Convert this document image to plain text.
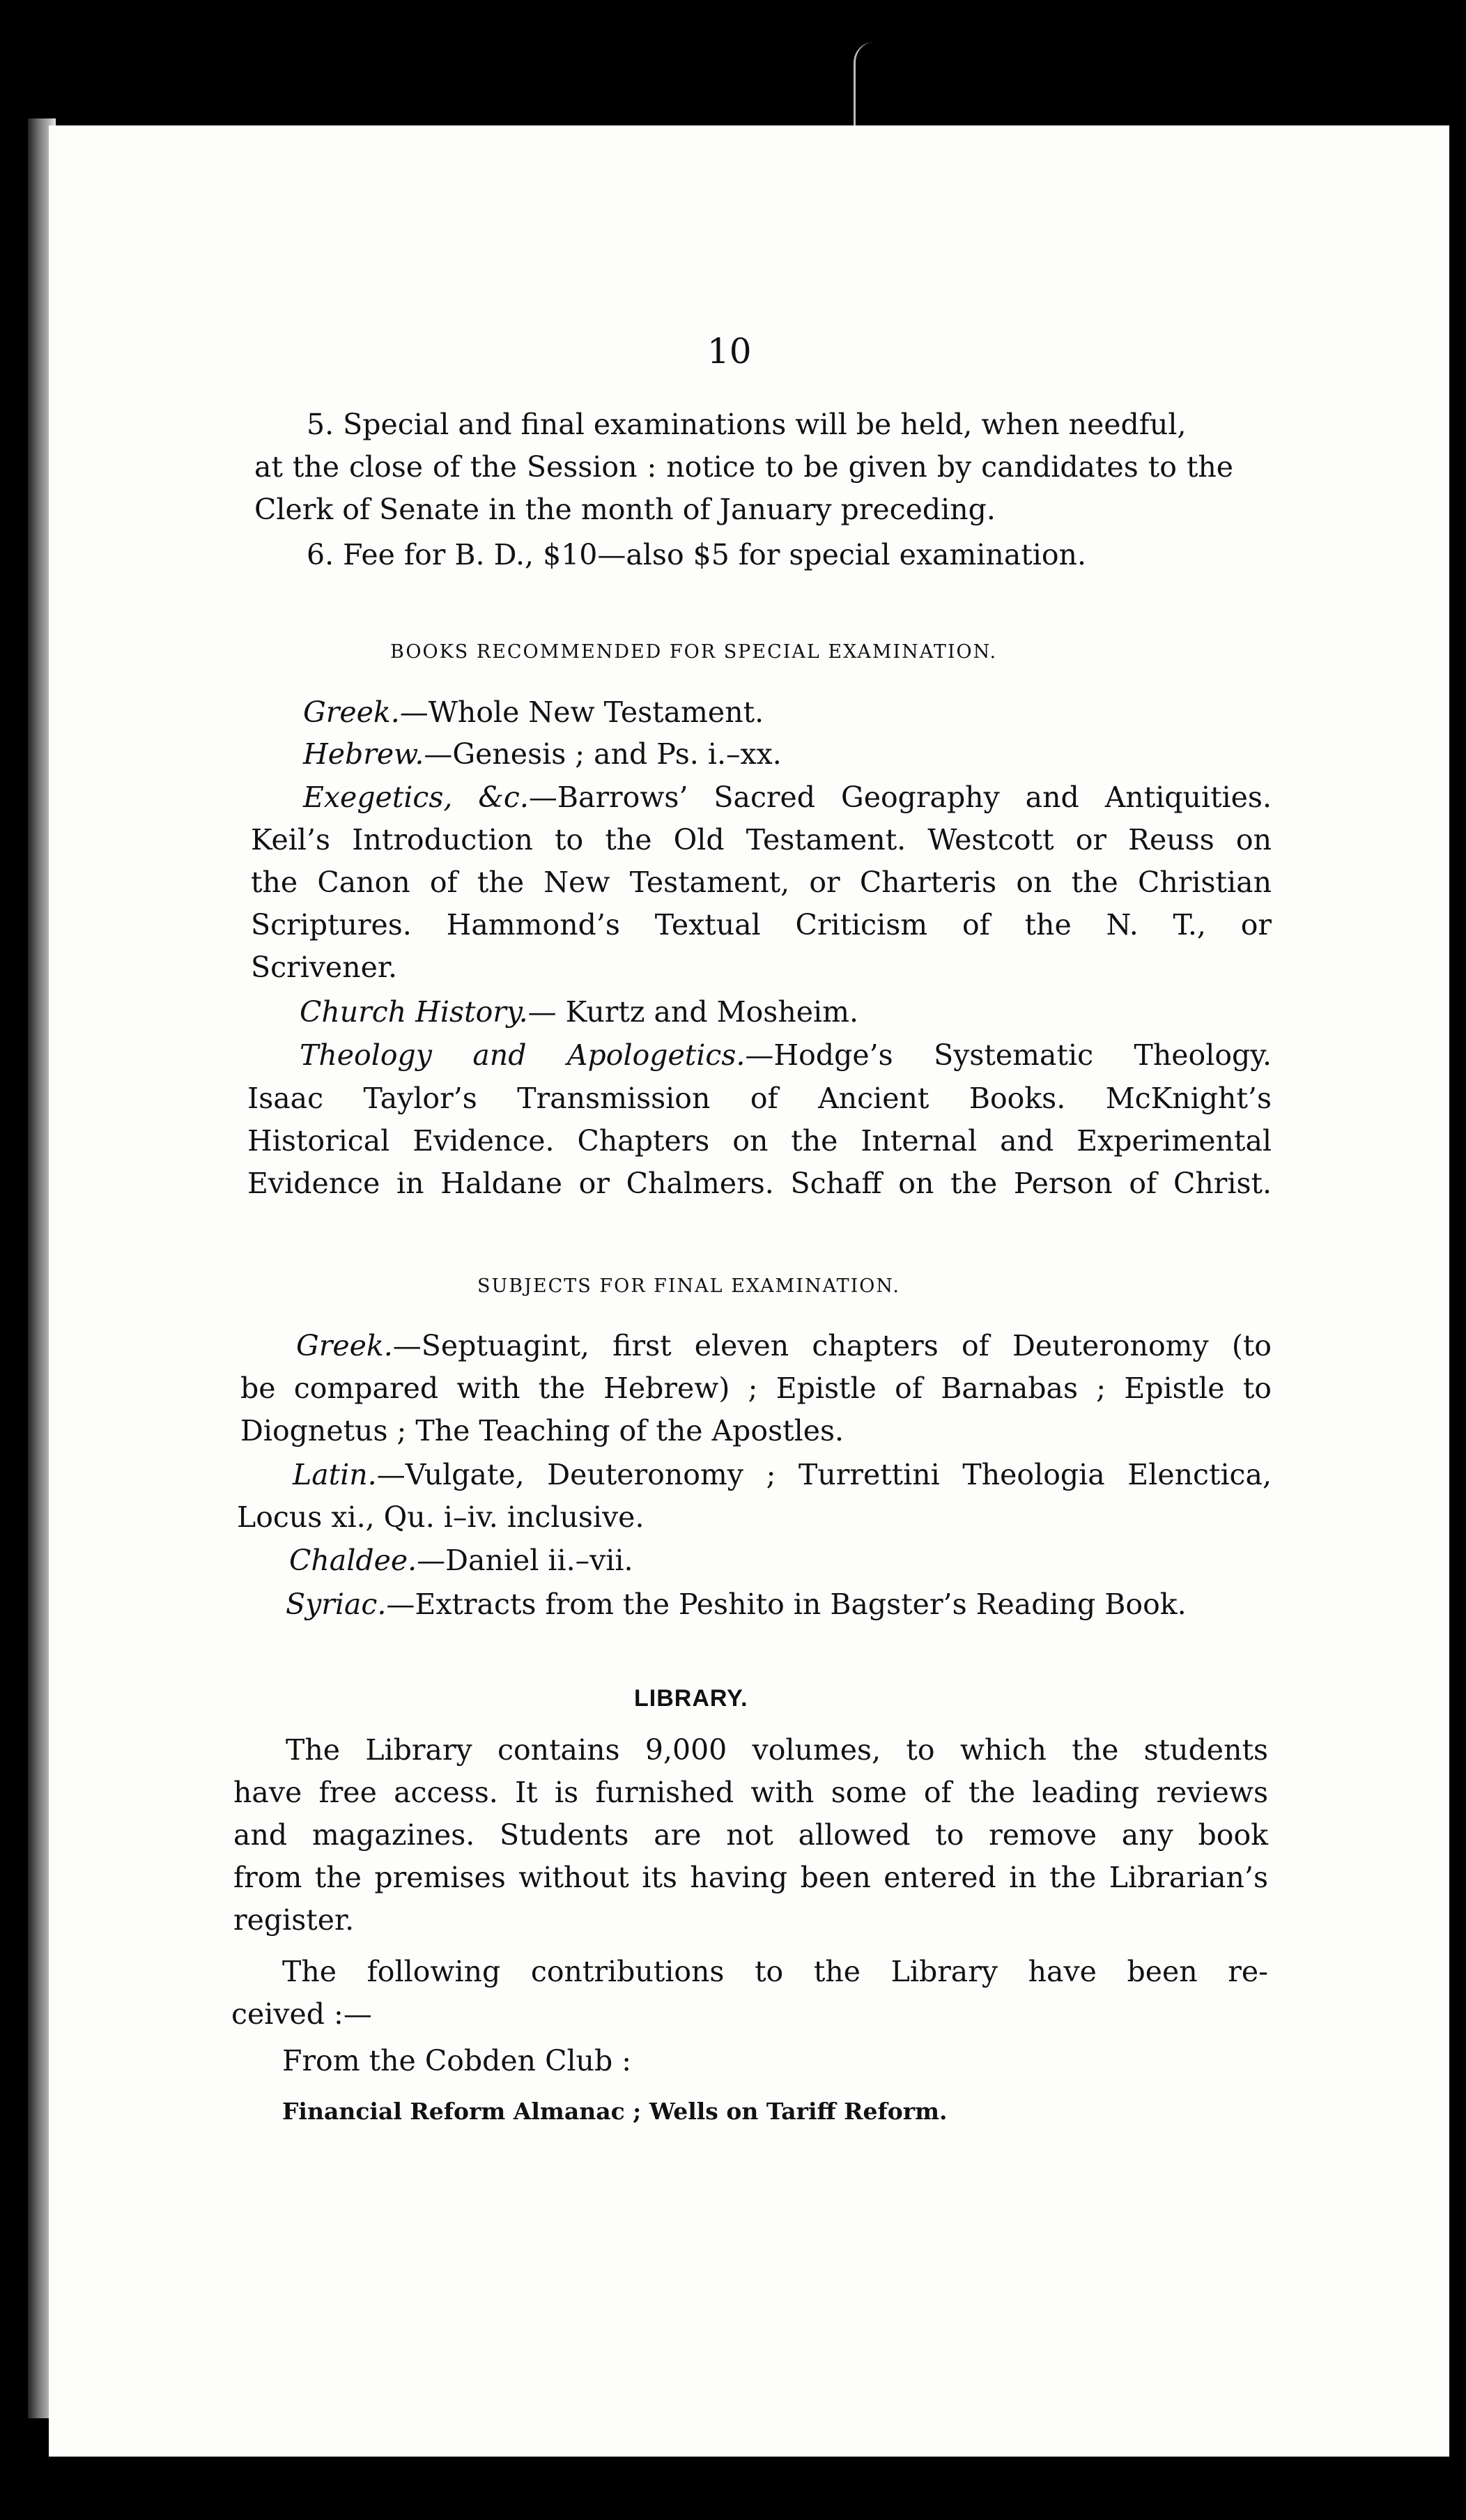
10
5. Special and final examinations will be held, when needful,
at the close of the Session : notice to be given by candidates to the
Clerk of Senate in the month of January preceding.
6. Fee for B. D., $10—also $5 for special examination.
BOOKS RECOMMENDED FOR SPECIAL EXAMINATION.
Greek.—Whole New Testament.
Hebrew.—Genesis ; and Ps. i.–xx.
Exegetics, &c.—Barrows’ Sacred Geography and Antiquities.
Keil’s Introduction to the Old Testament. Westcott or Reuss on
the Canon of the New Testament, or Charteris on the Christian
Scriptures. Hammond’s Textual Criticism of the N. T., or
Scrivener.
Church History.— Kurtz and Mosheim.
Theology and Apologetics.—Hodge’s Systematic Theology.
Isaac Taylor’s Transmission of Ancient Books. McKnight’s
Historical Evidence. Chapters on the Internal and Experimental
Evidence in Haldane or Chalmers. Schaff on the Person of Christ.
SUBJECTS FOR FINAL EXAMINATION.
Greek.—Septuagint, first eleven chapters of Deuteronomy (to
be compared with the Hebrew) ; Epistle of Barnabas ; Epistle to
Diognetus ; The Teaching of the Apostles.
Latin.—Vulgate, Deuteronomy ; Turrettini Theologia Elenctica,
Locus xi., Qu. i–iv. inclusive.
Chaldee.—Daniel ii.–vii.
Syriac.—Extracts from the Peshito in Bagster’s Reading Book.
LIBRARY.
The Library contains 9,000 volumes, to which the students
have free access. It is furnished with some of the leading reviews
and magazines. Students are not allowed to remove any book
from the premises without its having been entered in the Librarian’s
register.
The following contributions to the Library have been re-
ceived :—
From the Cobden Club :
Financial Reform Almanac ; Wells on Tariff Reform.
